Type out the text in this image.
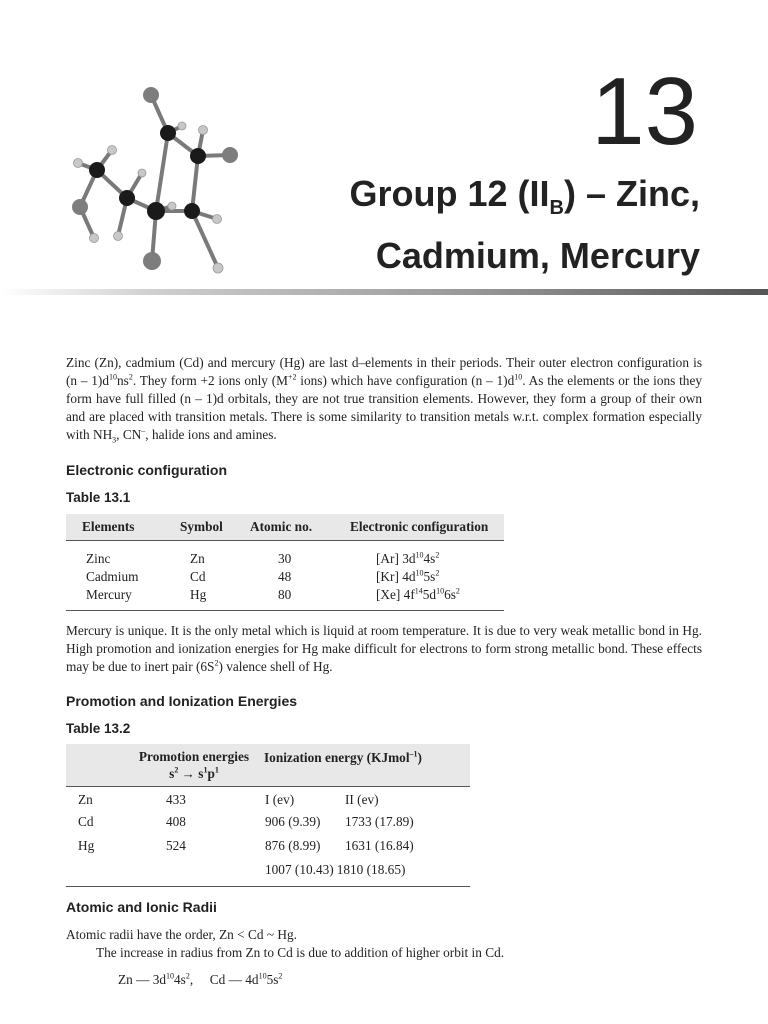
13
Group 12 $(II_B)$ – Zinc,
Cadmium, Mercury

Zinc (Zn), cadmium (Cd) and mercury (Hg) are last d–elements in their periods. Their outer electron configuration is $(n - 1)d^{10}ns^2$. They form +2 ions only ($M^{+2}$ ions) which have configuration $(n - 1)d^{10}$. As the elements or the ions they form have full filled (n – 1)d orbitals, they are not true transition elements. However, they form a group of their own and are placed with transition metals. There is some similarity to transition metals w.r.t. complex formation especially with $NH_3$, CN–, halide ions and amines.

Electronic configuration

Table 13.1

Elements	Symbol	Atomic no.	Electronic configuration
Zinc	Zn	30	[Ar] $3d^{10}4s^2$
Cadmium	Cd	48	[Kr] $4d^{10}5s^2$
Mercury	Hg	80	[Xe] $4f^{14}5d^{10}6s^2$

Mercury is unique. It is the only metal which is liquid at room temperature. It is due to very weak metallic bond in Hg. High promotion and ionization energies for Hg make difficult for electrons to form strong metallic bond. These effects may be due to inert pair $(6S^2)$ valence shell of Hg.

Promotion and Ionization Energies

Table 13.2

	Promotion energies
$s^2 \to s^1p^1$	Ionization energy (KJmol$^{-1}$)
Zn	433	I (ev) II (ev)
Cd	408	906 (9.39) 1733 (17.89)
Hg	524	876 (8.99) 1631 (16.84)
		1007 (10.43) 1810 (18.65)

Atomic and Ionic Radii

Atomic radii have the order, Zn < Cd ~ Hg.

The increase in radius from Zn to Cd is due to addition of higher orbit in Cd.

Zn — $3d^{10}4s^2$,     Cd — $4d^{10}5s^2$
